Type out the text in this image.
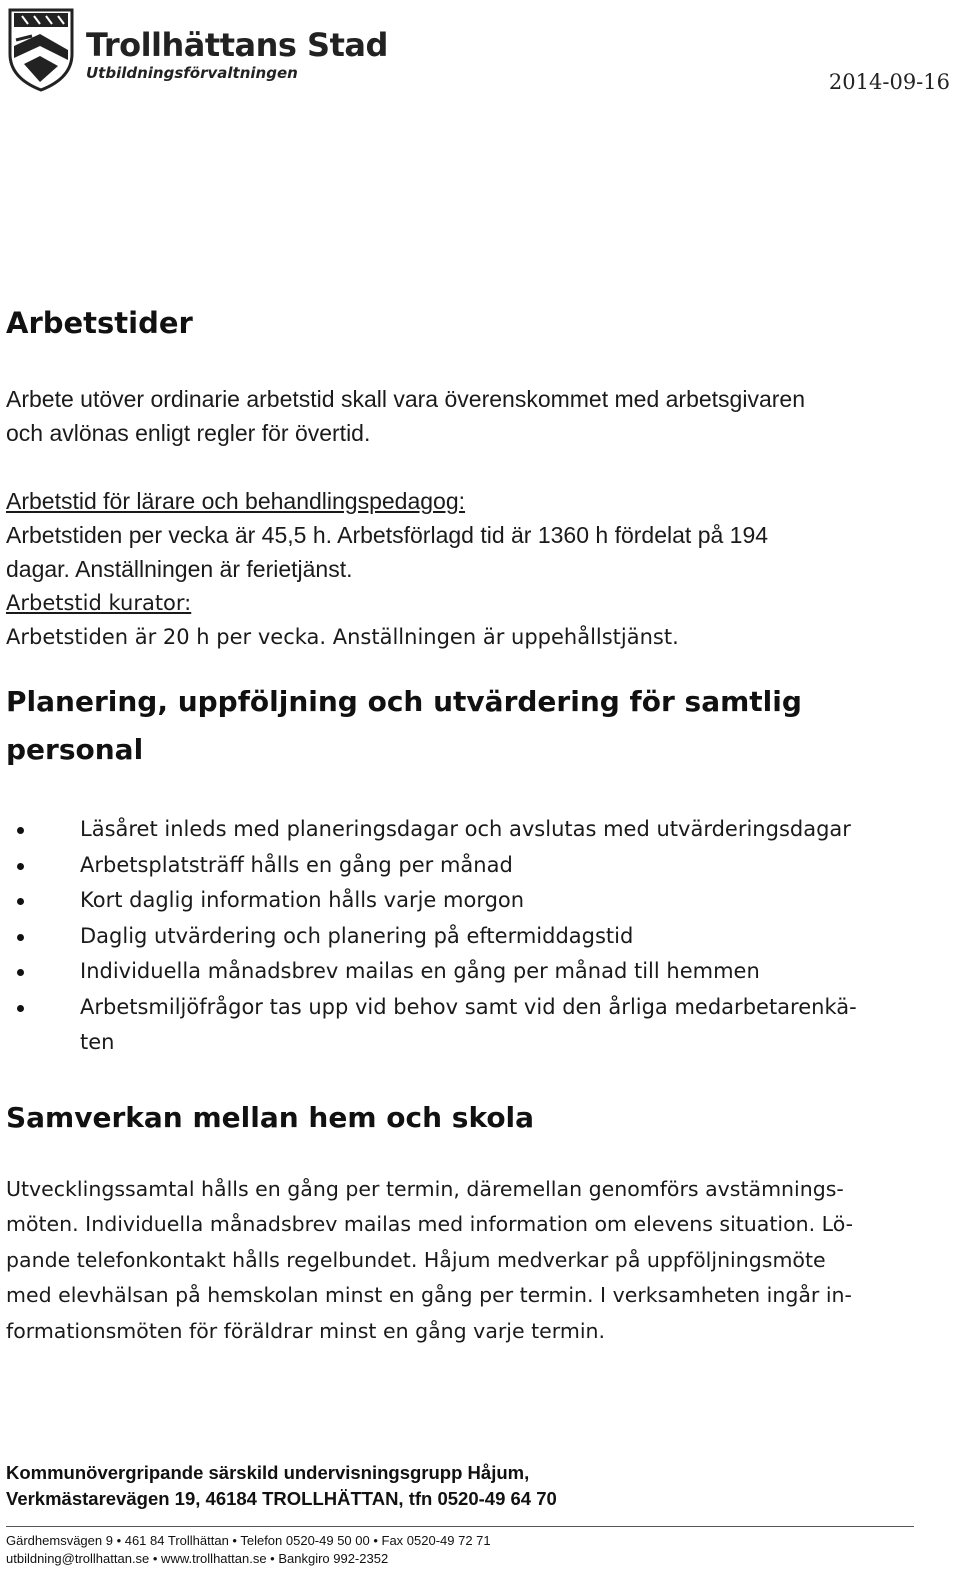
Trollhättans Stad
Utbildningsförvaltningen	2014-09-16
Arbetstider

Arbete utöver ordinarie arbetstid skall vara överenskommet med arbetsgivaren
och avlönas enligt regler för övertid.

Arbetstid för lärare och behandlingspedagog:
Arbetstiden per vecka är 45,5 h. Arbetsförlagd tid är 1360 h fördelat på 194
dagar. Anställningen är ferietjänst.

Arbetstid kurator:
Arbetstiden är 20 h per vecka. Anställningen är uppehållstjänst.

Planering, uppföljning och utvärdering för samtlig
personal
Läsåret inleds med planeringsdagar och avslutas med utvärderingsdagar
Arbetsplatsträff hålls en gång per månad
Kort daglig information hålls varje morgon
Daglig utvärdering och planering på eftermiddagstid
Individuella månadsbrev mailas en gång per månad till hemmen
Arbetsmiljöfrågor tas upp vid behov samt vid den årliga medarbetarenkä-
ten
Samverkan mellan hem och skola

Utvecklingssamtal hålls en gång per termin, däremellan genomförs avstämnings-
möten. Individuella månadsbrev mailas med information om elevens situation. Lö-
pande telefonkontakt hålls regelbundet. Håjum medverkar på uppföljningsmöte
med elevhälsan på hemskolan minst en gång per termin. I verksamheten ingår in-
formationsmöten för föräldrar minst en gång varje termin.

Kommunövergripande särskild undervisningsgrupp Håjum,
Verkmästarevägen 19, 46184 TROLLHÄTTAN, tfn 0520-49 64 70
Gärdhemsvägen 9 • 461 84 Trollhättan • Telefon 0520-49 50 00 • Fax 0520-49 72 71
utbildning@trollhattan.se • www.trollhattan.se • Bankgiro 992-2352
